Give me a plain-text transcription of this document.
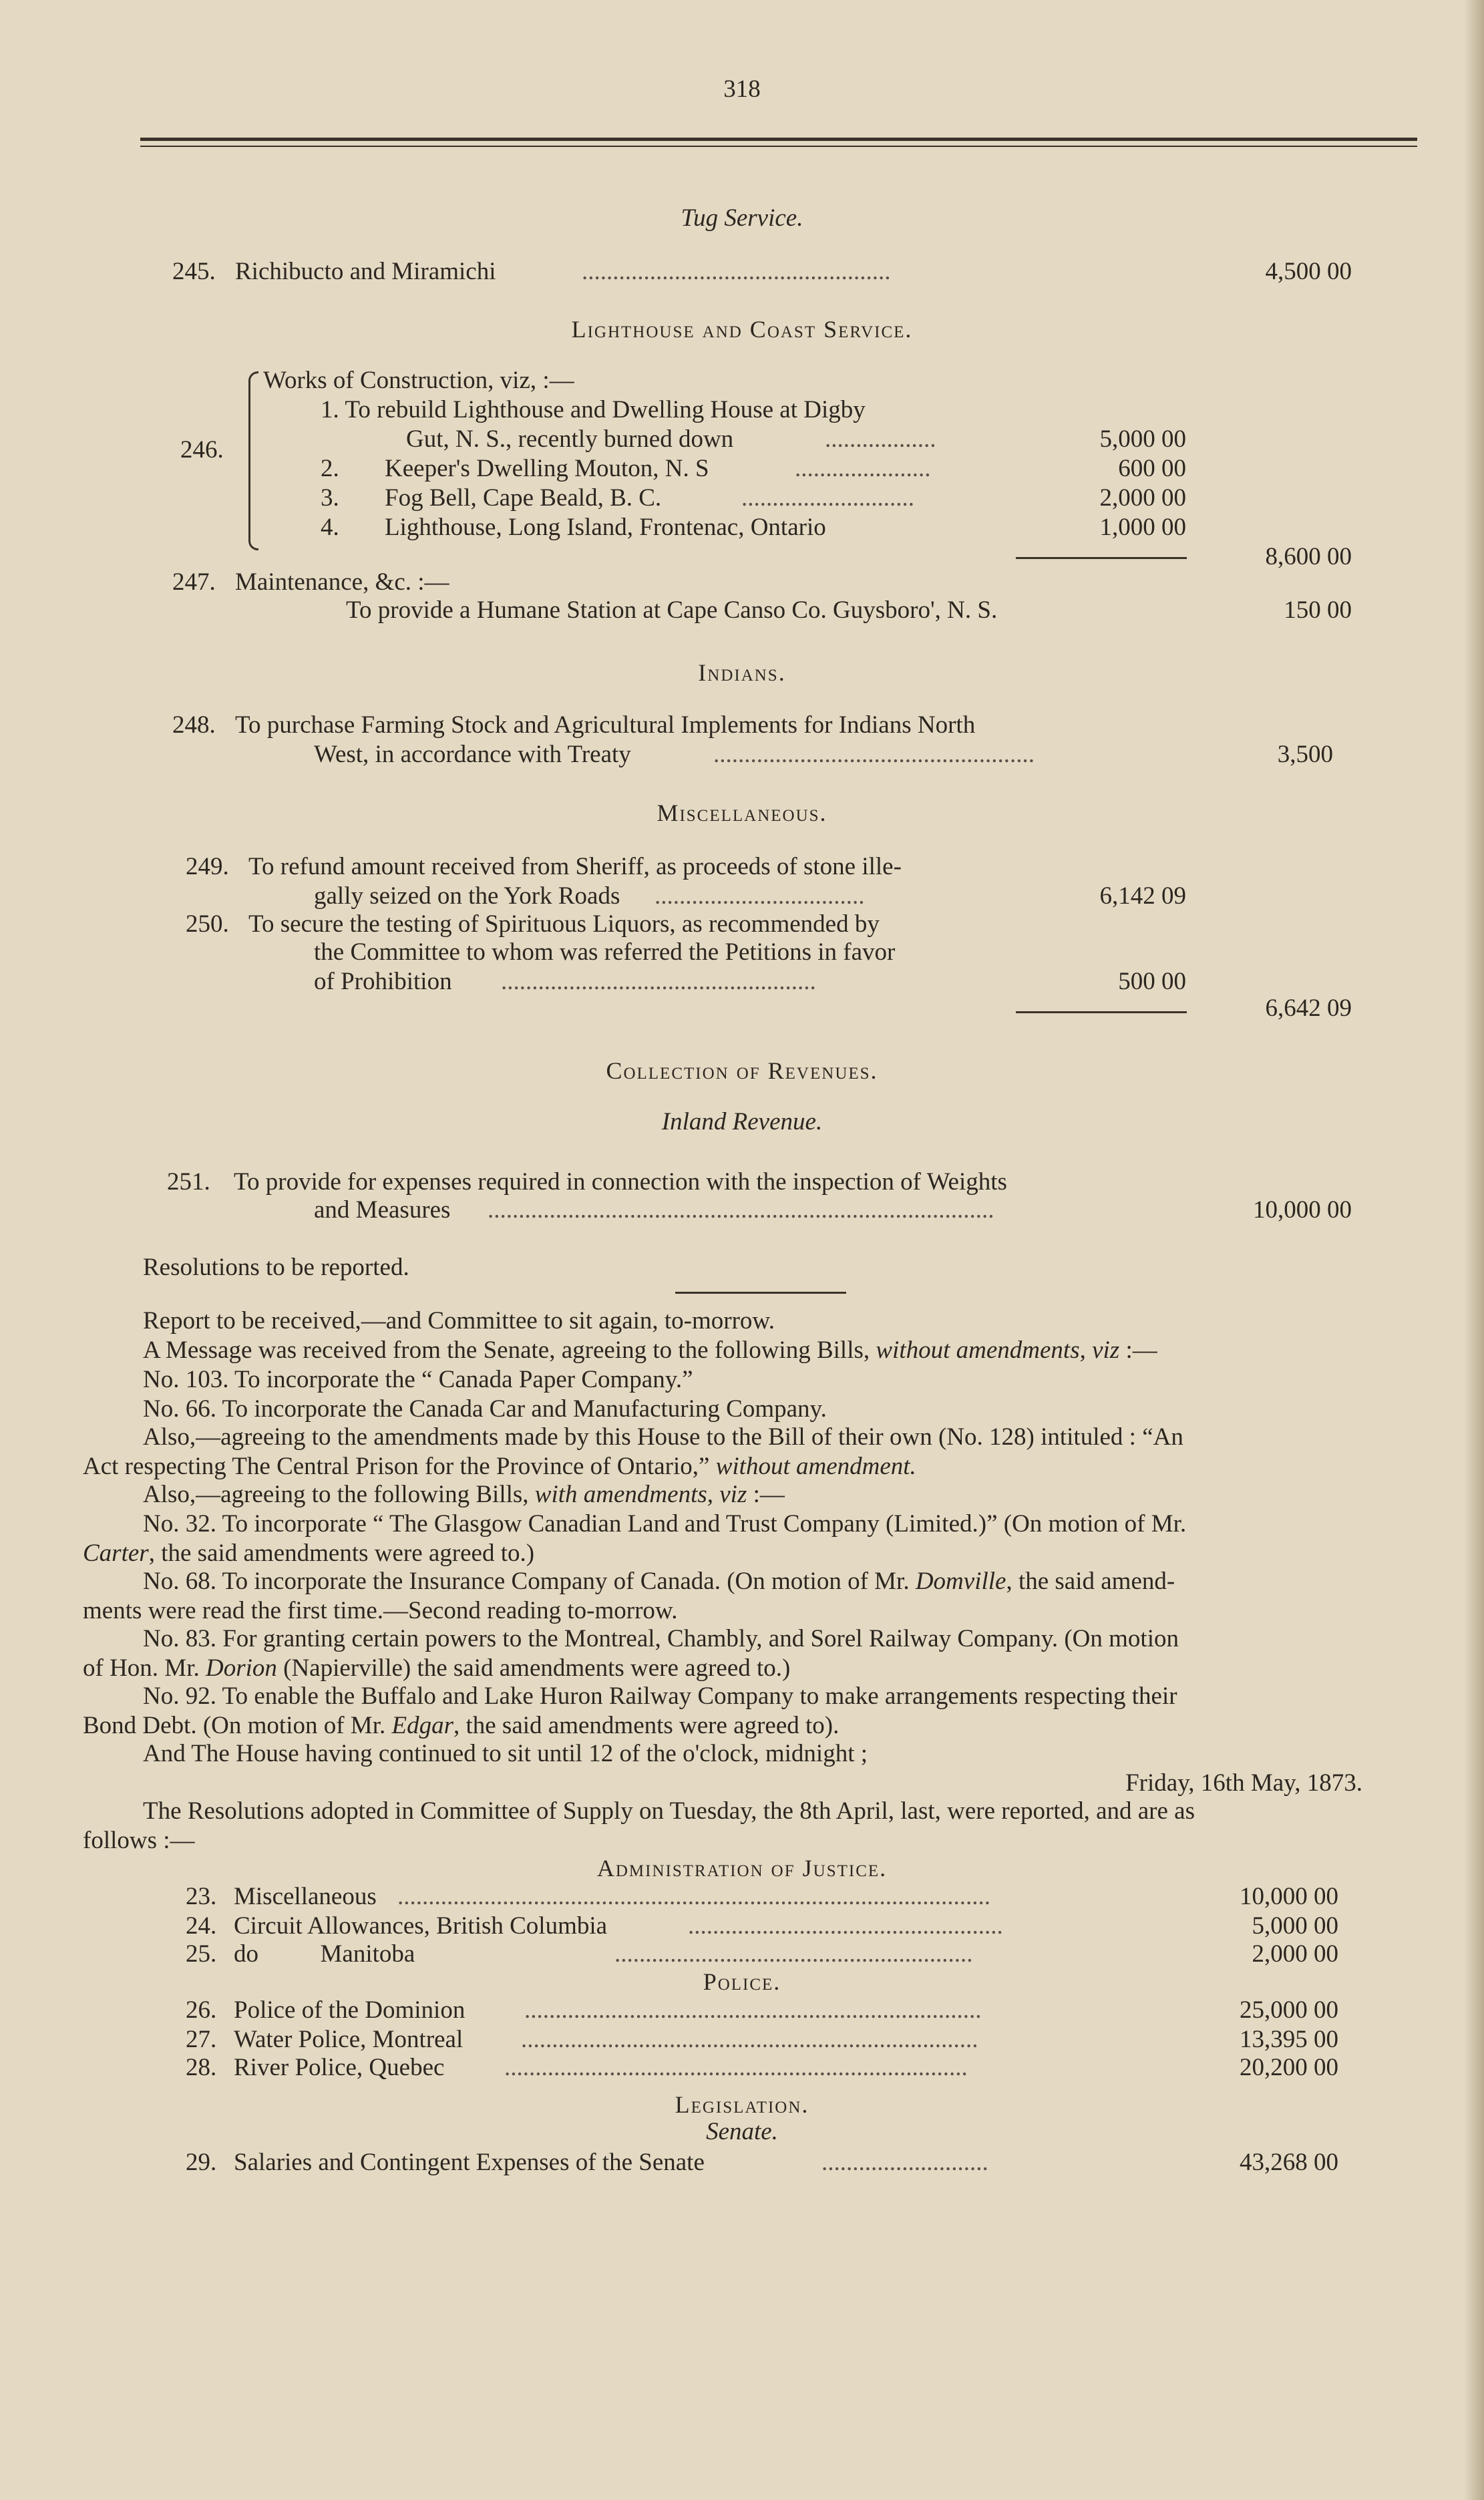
318
Tug Service.
245. Richibucto and Miramichi	..................................................	4,500 00
Lighthouse and Coast Service.
246.
Works of Construction, viz, :—
1. To rebuild Lighthouse and Dwelling House at Digby
Gut, N. S., recently burned down	5,000 00
2. Keeper's Dwelling Mouton, N. S	600 00
3. Fog Bell, Cape Beald, B. C.	2,000 00
4. Lighthouse, Long Island, Frontenac, Ontario	1,000 00
8,600 00
247. Maintenance, &c. :—
To provide a Humane Station at Cape Canso Co. Guysboro', N. S.	150 00
Indians.
248. To purchase Farming Stock and Agricultural Implements for Indians North
West, in accordance with Treaty	3,500
Miscellaneous.
249. To refund amount received from Sheriff, as proceeds of stone ille-
gally seized on the York Roads	6,142 09
250. To secure the testing of Spirituous Liquors, as recommended by
the Committee to whom was referred the Petitions in favor
of Prohibition	500 00
6,642 09
Collection of Revenues.
Inland Revenue.
251. To provide for expenses required in connection with the inspection of Weights
and Measures	10,000 00
Resolutions to be reported.
Report to be received,—and Committee to sit again, to-morrow.
A Message was received from the Senate, agreeing to the following Bills, without amendments, viz :—
No. 103. To incorporate the “ Canada Paper Company.”
No. 66. To incorporate the Canada Car and Manufacturing Company.
Also,—agreeing to the amendments made by this House to the Bill of their own (No. 128) intituled : “An
Act respecting The Central Prison for the Province of Ontario,” without amendment.
Also,—agreeing to the following Bills, with amendments, viz :—
No. 32. To incorporate “ The Glasgow Canadian Land and Trust Company (Limited.)” (On motion of Mr.
Carter, the said amendments were agreed to.)
No. 68. To incorporate the Insurance Company of Canada. (On motion of Mr. Domville, the said amend-
ments were read the first time.—Second reading to-morrow.
No. 83. For granting certain powers to the Montreal, Chambly, and Sorel Railway Company. (On motion
of Hon. Mr. Dorion (Napierville) the said amendments were agreed to.)
No. 92. To enable the Buffalo and Lake Huron Railway Company to make arrangements respecting their
Bond Debt. (On motion of Mr. Edgar, the said amendments were agreed to).
And The House having continued to sit until 12 of the o'clock, midnight ;
Friday, 16th May, 1873.
The Resolutions adopted in Committee of Supply on Tuesday, the 8th April, last, were reported, and are as
follows :—
Administration of Justice.
23. Miscellaneous	10,000 00
24. Circuit Allowances, British Columbia	5,000 00
25. do          Manitoba	2,000 00
Police.
26. Police of the Dominion	25,000 00
27. Water Police, Montreal	13,395 00
28. River Police, Quebec	20,200 00
Legislation.
Senate.
29. Salaries and Contingent Expenses of the Senate	43,268 00
..................
......................
............................
....................................................
..................................
...................................................
..................................................................................
................................................................................................
...................................................
..........................................................
..........................................................................
..........................................................................
...........................................................................
...........................
